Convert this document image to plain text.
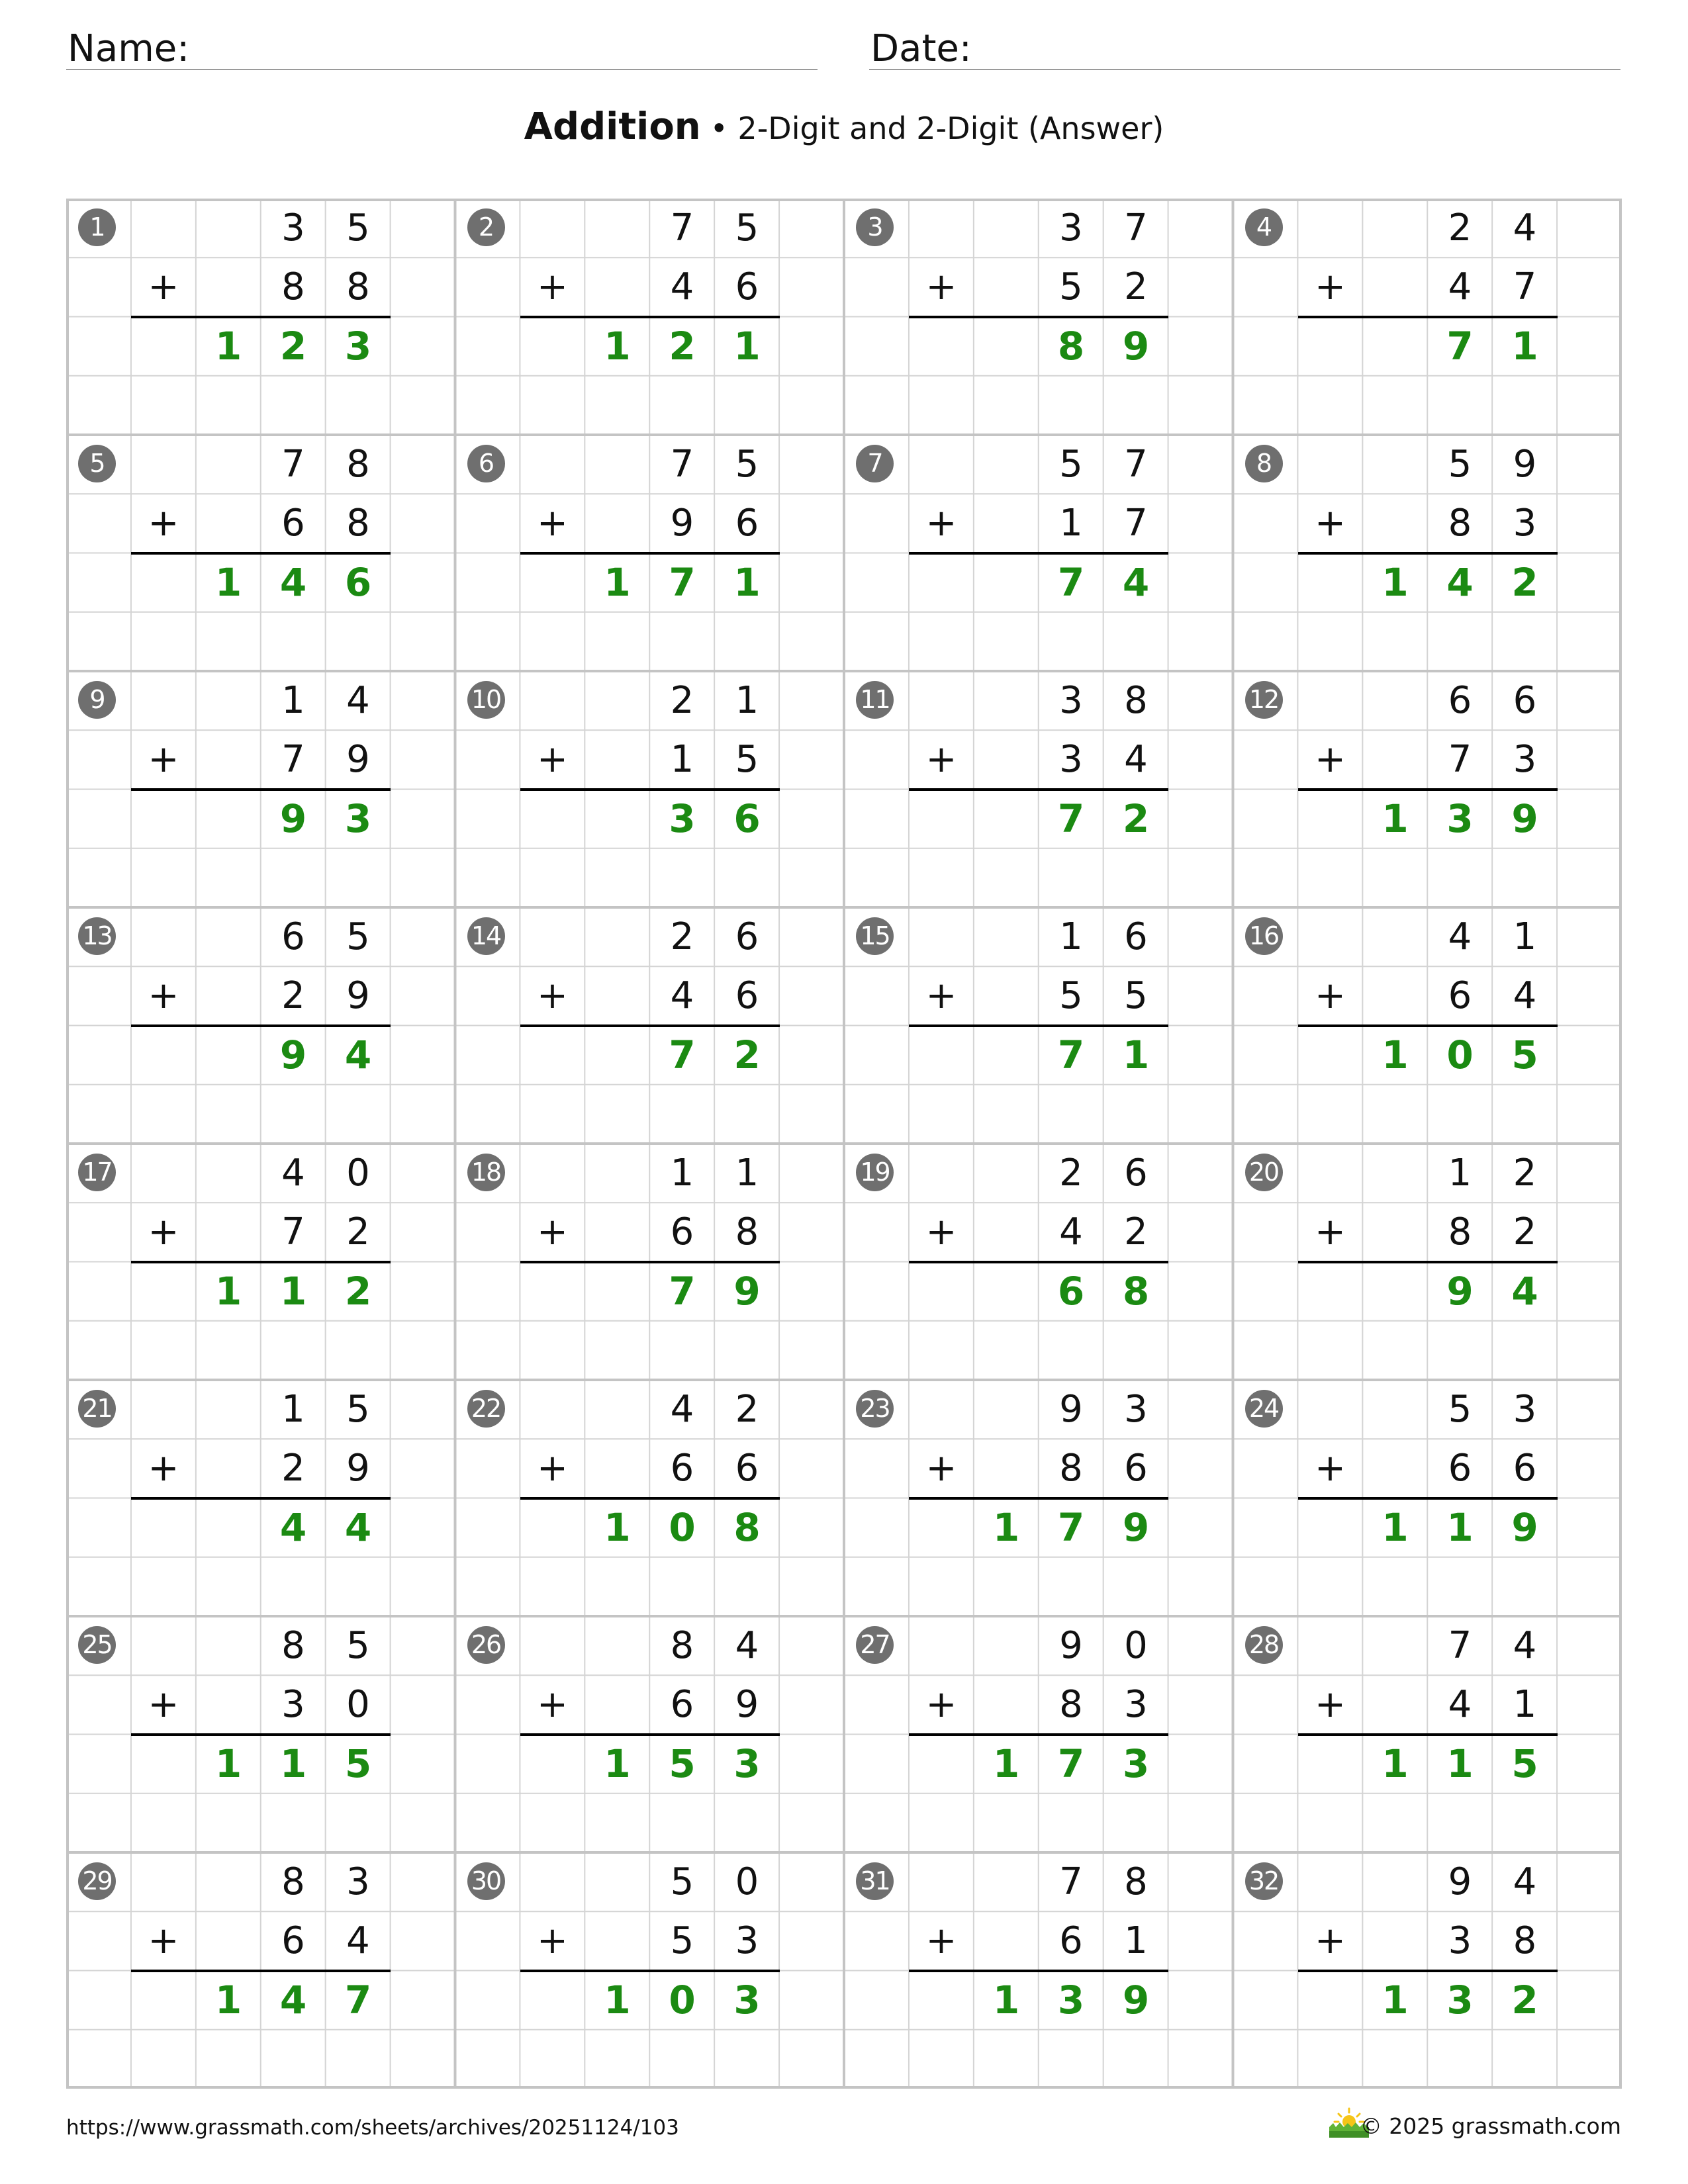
Name:	Date:
Addition • 2-Digit and 2-Digit (Answer)
1	3	5
+	8	8
1 2 3
2	7	5
+	4	6
1 2 1
3	3	7
+	5	2
8 9
4	2	4
+	4	7
7 1
5	7	8
+	6	8
1 4 6
6	7	5
+	9	6
1 7 1
7	5	7
+	1	7
7 4
8	5	9
+	8	3
1 4 2
9	1	4
+	7	9
9 3
10	2	1
+	1	5
3 6
11	3	8
+	3	4
7 2
12	6	6
+	7	3
1 3 9
13	6	5
+	2	9
9 4
14	2	6
+	4	6
7 2
15	1	6
+	5	5
7 1
16	4	1
+	6	4
1 0 5
17	4	0
+	7	2
1 1 2
18	1	1
+	6	8
7 9
19	2	6
+	4	2
6 8
20	1	2
+	8	2
9 4
21	1	5
+	2	9
4 4
22	4	2
+	6	6
1 0 8
23	9	3
+	8	6
1 7 9
24	5	3
+	6	6
1 1 9
25	8	5
+	3	0
1 1 5
26	8	4
+	6	9
1 5 3
27	9	0
+	8	3
1 7 3
28	7	4
+	4	1
1 1 5
29	8	3
+	6	4
1 4 7
30	5	0
+	5	3
1 0 3
31	7	8
+	6	1
1 3 9
32	9	4
+	3	8
1 3 2
https://www.grassmath.com/sheets/archives/20251124/103	© 2025 grassmath.com
